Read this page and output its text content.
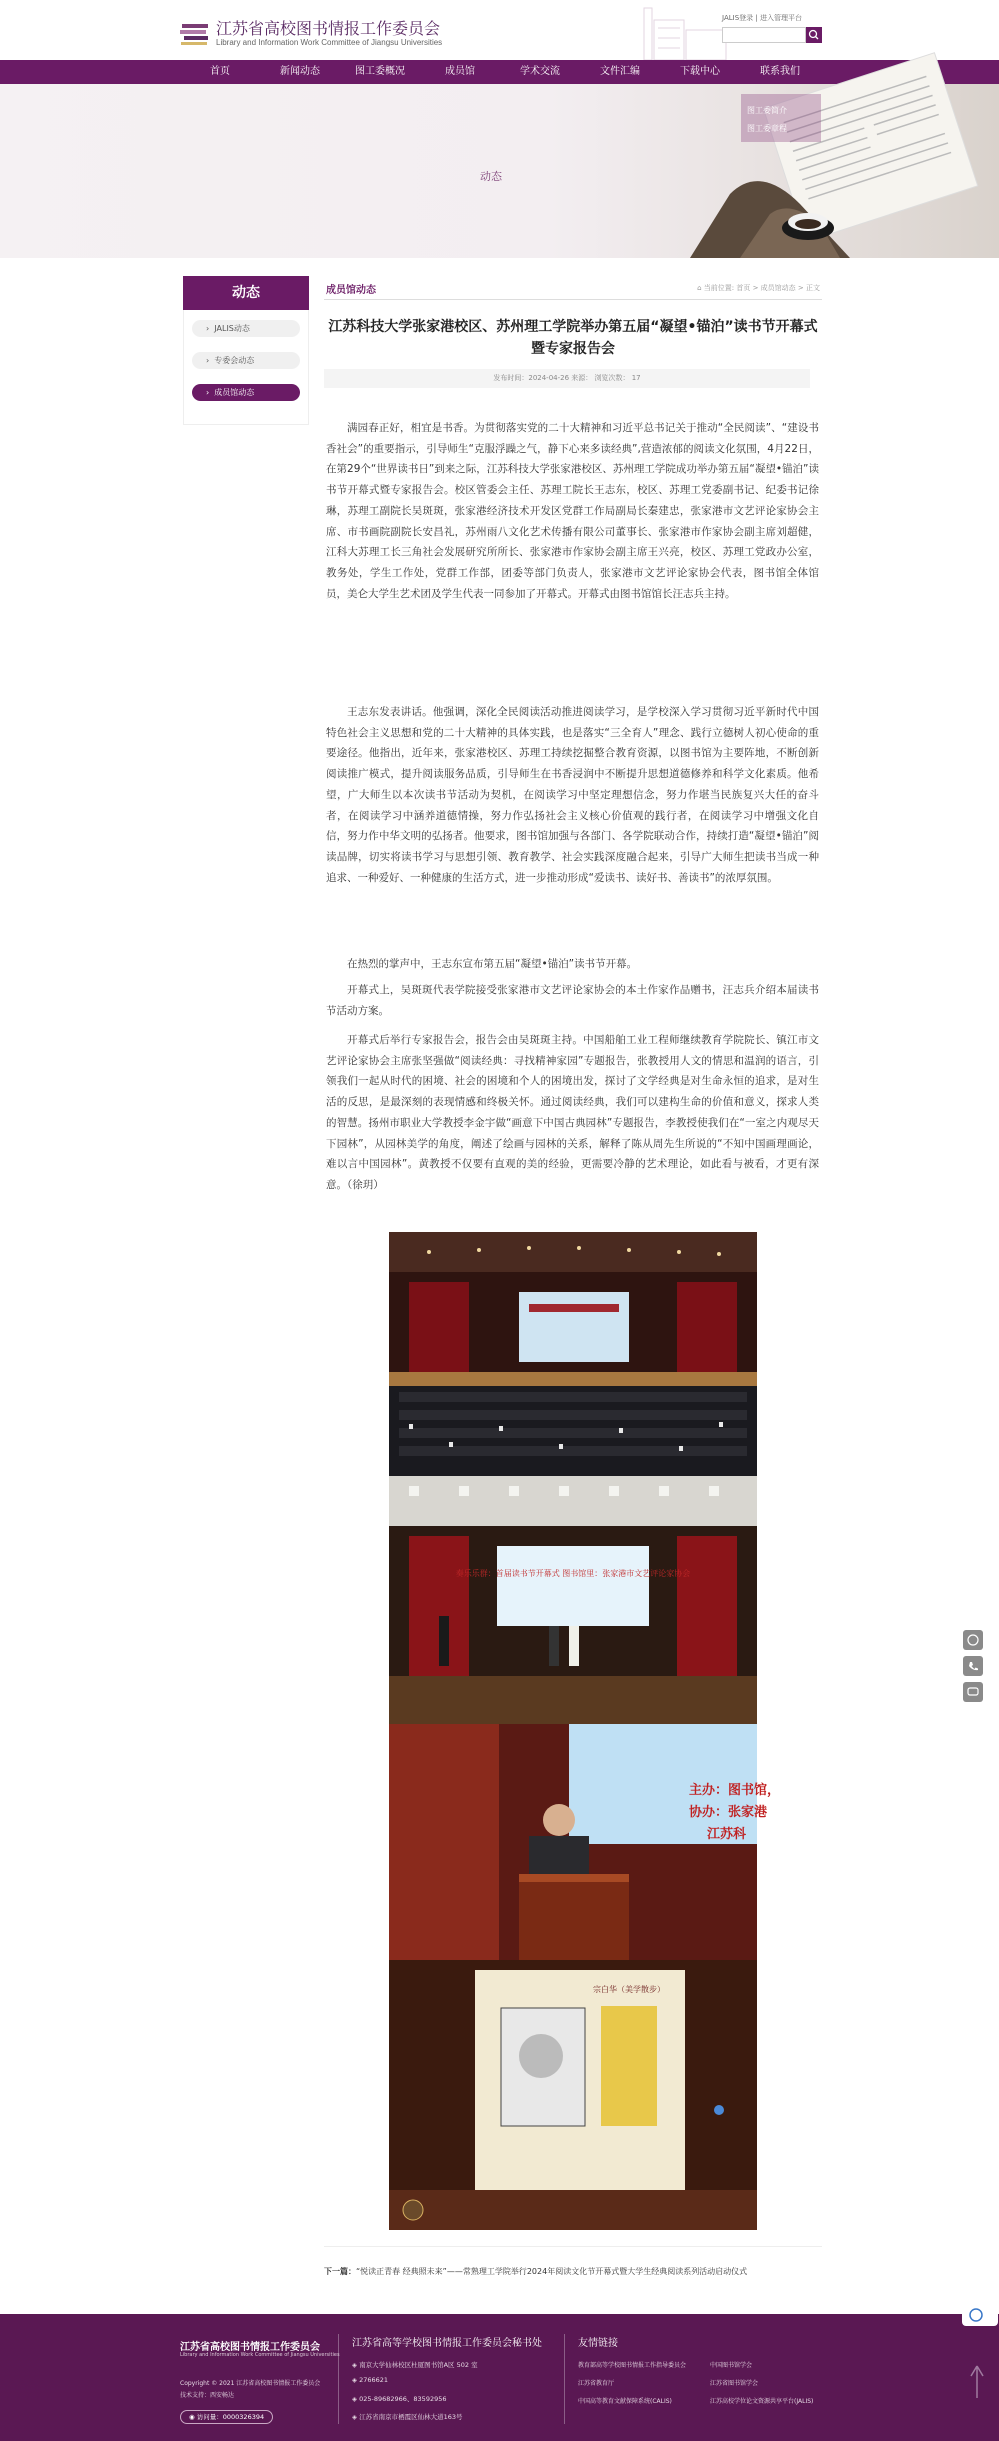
江苏省高校图书情报工作委员会
Library and Information Work Committee of Jiangsu Universities
JALIS登录 | 进入管理平台
首页	新闻动态	图工委概况	成员馆	学术交流	文件汇编	下载中心	联系我们
动态
图工委简介
图工委章程
动态
›  JALIS动态
›  专委会动态
›  成员馆动态
成员馆动态	⌂ 当前位置: 首页 > 成员馆动态 > 正文
江苏科技大学张家港校区、苏州理工学院举办第五届“凝望•锚泊”读书节开幕式暨专家报告会
发布时间：2024-04-26 来源： 浏览次数： 17

满园春正好，相宜是书香。为贯彻落实党的二十大精神和习近平总书记关于推动“全民阅读”、“建设书香社会”的重要指示，引导师生“克服浮躁之气，静下心来多读经典”,营造浓郁的阅读文化氛围，4月22日，在第29个“世界读书日”到来之际，江苏科技大学张家港校区、苏州理工学院成功举办第五届“凝望•锚泊”读书节开幕式暨专家报告会。校区管委会主任、苏理工院长王志东，校区、苏理工党委副书记、纪委书记徐琳，苏理工副院长吴斑斑，张家港经济技术开发区党群工作局副局长秦建忠，张家港市文艺评论家协会主席、市书画院副院长安昌礼，苏州雨八文化艺术传播有限公司董事长、张家港市作家协会副主席刘超健，江科大苏理工长三角社会发展研究所所长、张家港市作家协会副主席王兴亮，校区、苏理工党政办公室，教务处，学生工作处，党群工作部，团委等部门负责人，张家港市文艺评论家协会代表，图书馆全体馆员，美仑大学生艺术团及学生代表一同参加了开幕式。开幕式由图书馆馆长汪志兵主持。

王志东发表讲话。他强调，深化全民阅读活动推进阅读学习，是学校深入学习贯彻习近平新时代中国特色社会主义思想和党的二十大精神的具体实践，也是落实“三全育人”理念、践行立德树人初心使命的重要途径。他指出，近年来，张家港校区、苏理工持续挖掘整合教育资源，以图书馆为主要阵地，不断创新阅读推广模式，提升阅读服务品质，引导师生在书香浸润中不断提升思想道德修养和科学文化素质。他希望，广大师生以本次读书节活动为契机，在阅读学习中坚定理想信念，努力作堪当民族复兴大任的奋斗者，在阅读学习中涵养道德情操，努力作弘扬社会主义核心价值观的践行者，在阅读学习中增强文化自信，努力作中华文明的弘扬者。他要求，图书馆加强与各部门、各学院联动合作，持续打造“凝望•锚泊”阅读品牌，切实将读书学习与思想引领、教育教学、社会实践深度融合起来，引导广大师生把读书当成一种追求、一种爱好、一种健康的生活方式，进一步推动形成“爱读书、读好书、善读书”的浓厚氛围。

在热烈的掌声中，王志东宣布第五届“凝望•锚泊”读书节开幕。

开幕式上，吴斑斑代表学院接受张家港市文艺评论家协会的本土作家作品赠书，汪志兵介绍本届读书节活动方案。

开幕式后举行专家报告会，报告会由吴斑斑主持。中国船舶工业工程师继续教育学院院长、镇江市文艺评论家协会主席张坚强做“阅读经典：寻找精神家园”专题报告，张教授用人文的情思和温润的语言，引领我们一起从时代的困境、社会的困境和个人的困境出发，探讨了文学经典是对生命永恒的追求，是对生活的反思，是最深刻的表现情感和终极关怀。通过阅读经典，我们可以建构生命的价值和意义，探求人类的智慧。扬州市职业大学教授李金宇做“画意下中国古典园林”专题报告，李教授使我们在“一室之内观尽天下园林”，从园林美学的角度，阐述了绘画与园林的关系，解释了陈从周先生所说的“不知中国画理画论，难以言中国园林”。黄教授不仅要有直观的美的经验，更需要冷静的艺术理论，如此看与被看，才更有深意。（徐玥）

奏乐乐群：首届读书节开幕式 图书馆里：张家港市文艺评论家协会
主办：图书馆，
协办：张家港
江苏科
宗白华（美学散步）
下一篇：“悦读正青春 经典照未来”——常熟理工学院举行2024年阅读文化节开幕式暨大学生经典阅读系列活动启动仪式
江苏省高校图书情报工作委员会
Library and Information Work Committee of Jiangsu Universities
Copyright © 2021 江苏省高校图书情报工作委员会
技术支持：西安畅达
◉ 访问量：0000326394
江苏省高等学校图书情报工作委员会秘书处
◈ 南京大学仙林校区杜厦图书馆A区 502 室
◈ 2766621
◈ 025-89682966、83592956
◈ 江苏省南京市栖霞区仙林大道163号
友情链接
教育部高等学校图书情报工作指导委员会	中国图书馆学会
江苏省教育厅	江苏省图书馆学会
中国高等教育文献保障系统(CALIS)	江苏高校学位论文资源共享平台(JALIS)
